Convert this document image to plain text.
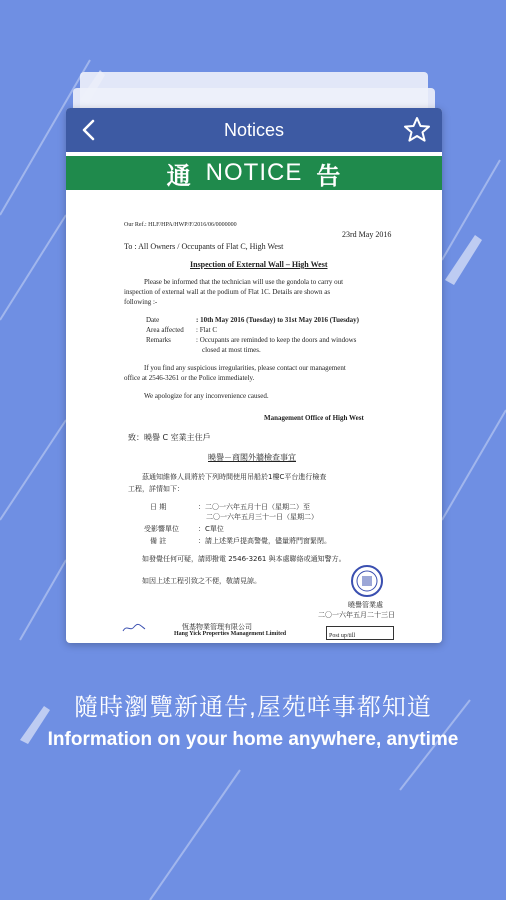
Notices
通 NOTICE 告
Our Ref.: HLF/HPA/HWP/F/2016/06/0000000
23rd May 2016
To : All Owners / Occupants of Flat C, High West
Inspection of External Wall – High West
Please be informed that the technician will use the gondola to carry out
inspection of external wall at the podium of Flat 1C. Details are shown as
following :-
Date	: 10th May 2016 (Tuesday) to 31st May 2016 (Tuesday)
Area affected : Flat C
Remarks	: Occupants are reminded to keep the doors and windows
closed at most times.
If you find any suspicious irregularities, please contact our management
office at 2546-3261 or the Police immediately.
We apologize for any inconvenience caused.
Management Office of High West
致：曉譽 C 室業主住戶
曉譽－商閣外牆檢查事宜
茲通知維修人員將於下列時間使用吊船於1樓C平台進行檢查
工程，詳情如下：
日 期	：二〇一六年五月十日（星期二）至
二〇一六年五月三十一日（星期二）
受影響單位	：C單位
備 註	：請上述業戶提高警覺，儘量將門窗緊閉。
如發覺任何可疑，請即撥電 2546-3261 與本處聯絡或通知警方。
如因上述工程引致之不便，敬請見諒。
曉譽管業處
二〇一六年五月二十三日
恆基物業管理有限公司
Hang Yick Properties Management Limited	Post up/till
隨時瀏覽新通告,屋苑咩事都知道
Information on your home anywhere, anytime
